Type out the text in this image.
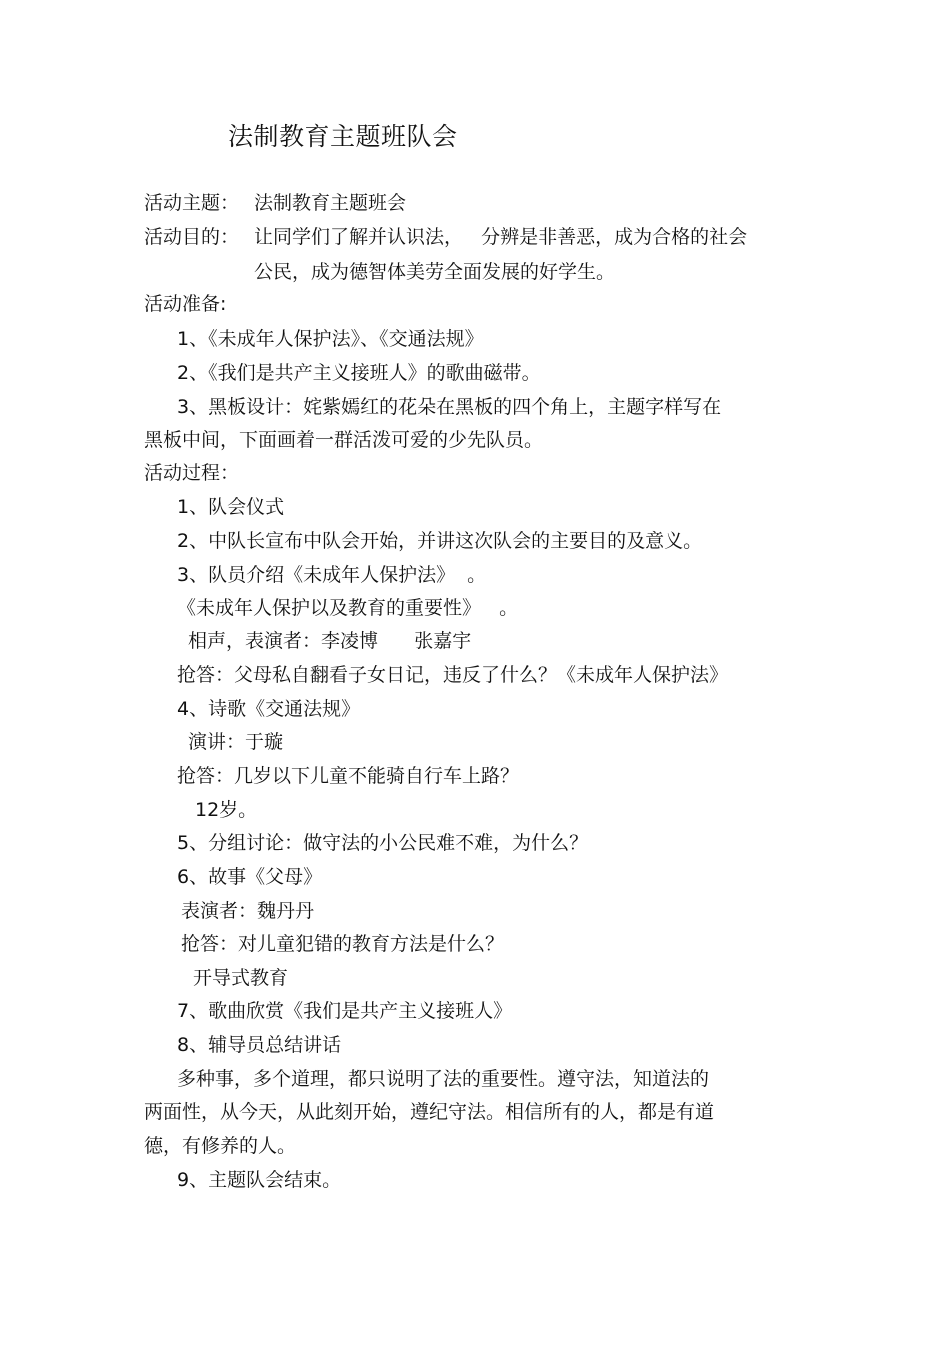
法制教育主题班队会
活动主题： 法制教育主题班会
活动目的： 让同学们了解并认识法，   分辨是非善恶，成为合格的社会
公民，成为德智体美劳全面发展的好学生。
活动准备:
1、《未成年人保护法》、《交通法规》
2、《我们是共产主义接班人》的歌曲磁带。
3、黑板设计：姹紫嫣红的花朵在黑板的四个角上，主题字样写在
黑板中间，下面画着一群活泼可爱的少先队员。
活动过程：
1、队会仪式
2、中队长宣布中队会开始，并讲这次队会的主要目的及意义。
3、队员介绍《未成年人保护法》  。
《未成年人保护以及教育的重要性》   。
相声，表演者：李凌博      张嘉宇
抢答：父母私自翻看子女日记，违反了什么？《未成年人保护法》
4、诗歌《交通法规》
演讲：于璇
抢答：几岁以下儿童不能骑自行车上路？
12岁。
5、分组讨论：做守法的小公民难不难，为什么？
6、故事《父母》
表演者：魏丹丹
抢答：对儿童犯错的教育方法是什么？
开导式教育
7、歌曲欣赏《我们是共产主义接班人》
8、辅导员总结讲话
多种事，多个道理，都只说明了法的重要性。遵守法，知道法的
两面性，从今天，从此刻开始，遵纪守法。相信所有的人，都是有道
德，有修养的人。
9、主题队会结束。
